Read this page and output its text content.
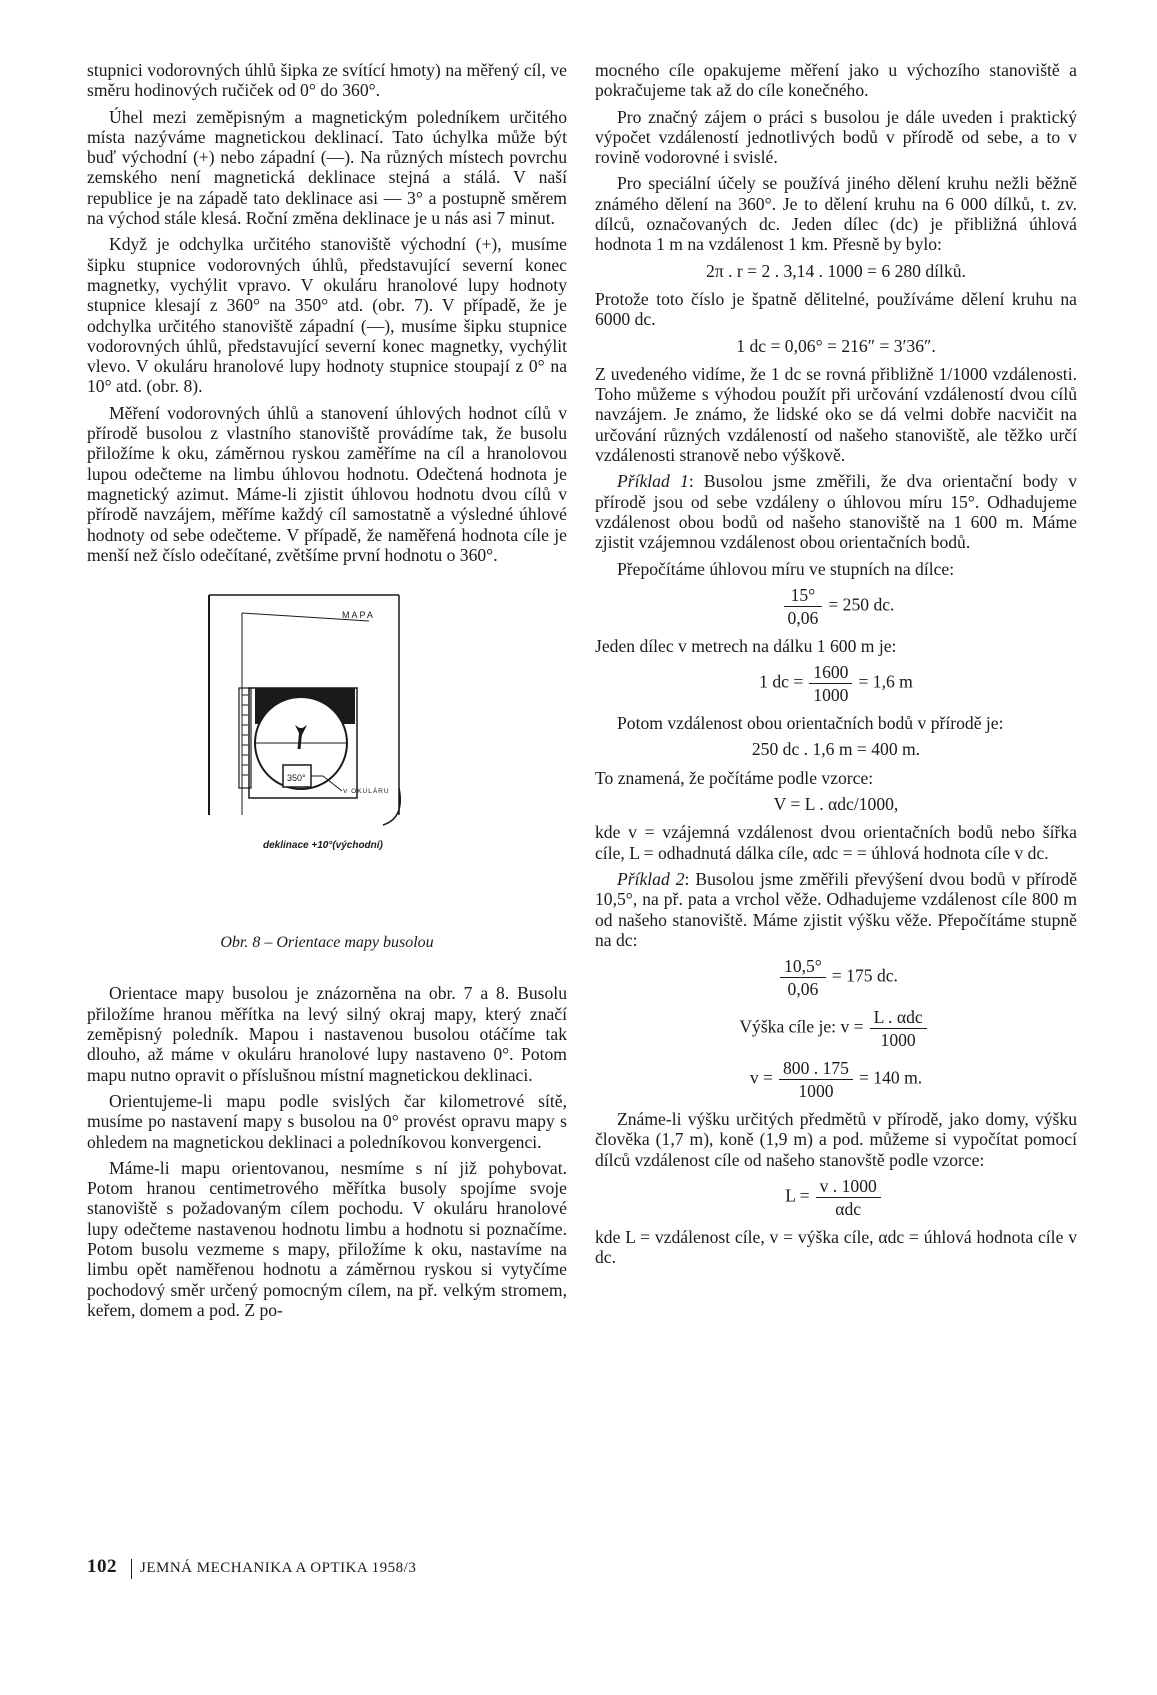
stupnici vodorovných úhlů šipka ze svítící hmoty) na měřený cíl, ve směru hodinových ručiček od 0° do 360°.

Úhel mezi zeměpisným a magnetickým poledníkem určitého místa nazýváme magnetickou deklinací. Tato úchylka může být buď východní (+) nebo západní (—). Na různých místech povrchu zemského není magnetická deklinace stejná a stálá. V naší republice je na západě tato deklinace asi — 3° a postupně směrem na východ stále klesá. Roční změna deklinace je u nás asi 7 minut.

Když je odchylka určitého stanoviště východní (+), musíme šipku stupnice vodorovných úhlů, představující severní konec magnetky, vychýlit vpravo. V okuláru hranolové lupy hodnoty stupnice klesají z 360° na 350° atd. (obr. 7). V případě, že je odchylka určitého stanoviště západní (—), musíme šipku stupnice vodorovných úhlů, představující severní konec magnetky, vychýlit vlevo. V okuláru hranolové lupy hodnoty stupnice stoupají z 0° na 10° atd. (obr. 8).

Měření vodorovných úhlů a stanovení úhlových hodnot cílů v přírodě busolou z vlastního stanoviště provádíme tak, že busolu přiložíme k oku, záměrnou ryskou zaměříme na cíl a hranolovou lupou odečteme na limbu úhlovou hodnotu. Odečtená hodnota je magnetický azimut. Máme-li zjistit úhlovou hodnotu dvou cílů v přírodě navzájem, měříme každý cíl samostatně a výsledné úhlové hodnoty od sebe odečteme. V případě, že naměřená hodnota cíle je menší než číslo odečítané, zvětšíme první hodnotu o 360°.

MAPA
350°
V OKULÁRU
deklinace +10°(východní)
Obr. 8 – Orientace mapy busolou

Orientace mapy busolou je znázorněna na obr. 7 a 8. Busolu přiložíme hranou měřítka na levý silný okraj mapy, který značí zeměpisný poledník. Mapou i nastavenou busolou otáčíme tak dlouho, až máme v okuláru hranolové lupy nastaveno 0°. Potom mapu nutno opravit o příslušnou místní magnetickou deklinaci.

Orientujeme-li mapu podle svislých čar kilometrové sítě, musíme po nastavení mapy s busolou na 0° provést opravu mapy s ohledem na magnetickou deklinaci a poledníkovou konvergenci.

Máme-li mapu orientovanou, nesmíme s ní již pohybovat. Potom hranou centimetrového měřítka busoly spojíme svoje stanoviště s požadovaným cílem pochodu. V okuláru hranolové lupy odečteme nastavenou hodnotu limbu a hodnotu si poznačíme. Potom busolu vezmeme s mapy, přiložíme k oku, nastavíme na limbu opět naměřenou hodnotu a záměrnou ryskou si vytyčíme pochodový směr určený pomocným cílem, na př. velkým stromem, keřem, domem a pod. Z po-

mocného cíle opakujeme měření jako u výchozího stanoviště a pokračujeme tak až do cíle konečného.

Pro značný zájem o práci s busolou je dále uveden i praktický výpočet vzdáleností jednotlivých bodů v přírodě od sebe, a to v rovině vodorovné i svislé.

Pro speciální účely se používá jiného dělení kruhu nežli běžně známého dělení na 360°. Je to dělení kruhu na 6 000 dílků, t. zv. dílců, označovaných dc. Jeden dílec (dc) je přibližná úhlová hodnota 1 m na vzdálenost 1 km. Přesně by bylo:

2π . r = 2 . 3,14 . 1000 = 6 280 dílků.

Protože toto číslo je špatně dělitelné, používáme dělení kruhu na 6000 dc.

1 dc = 0,06° = 216″ = 3′36″.

Z uvedeného vidíme, že 1 dc se rovná přibližně 1/1000 vzdálenosti. Toho můžeme s výhodou použít při určování vzdáleností dvou cílů navzájem. Je známo, že lidské oko se dá velmi dobře nacvičit na určování různých vzdáleností od našeho stanoviště, ale těžko určí vzdálenosti stranově nebo výškově.

Příklad 1: Busolou jsme změřili, že dva orientační body v přírodě jsou od sebe vzdáleny o úhlovou míru 15°. Odhadujeme vzdálenost obou bodů od našeho stanoviště na 1 600 m. Máme zjistit vzájemnou vzdálenost obou orientačních bodů.

Přepočítáme úhlovou míru ve stupních na dílce:

$\frac{15^\circ}{0,06} = 250$ dc.

Jeden dílec v metrech na dálku 1 600 m je:

1 dc = $\frac{1600}{1000} = 1,6$ m

Potom vzdálenost obou orientačních bodů v přírodě je:

250 dc . 1,6 m = 400 m.

To znamená, že počítáme podle vzorce:

V = L . αdc/1000,

kde v = vzájemná vzdálenost dvou orientačních bodů nebo šířka cíle, L = odhadnutá dálka cíle, αdc = = úhlová hodnota cíle v dc.

Příklad 2: Busolou jsme změřili převýšení dvou bodů v přírodě 10,5°, na př. pata a vrchol věže. Odhadujeme vzdálenost cíle 800 m od našeho stanoviště. Máme zjistit výšku věže. Přepočítáme stupně na dc:

$\frac{10,5^\circ}{0,06} = 175$ dc.
Výška cíle je: $v = \frac{\text{L . αdc}}{1000}$
$v = \frac{800 . 175}{1000} = 140$ m.

Známe-li výšku určitých předmětů v přírodě, jako domy, výšku člověka (1,7 m), koně (1,9 m) a pod. můžeme si vypočítat pomocí dílců vzdálenost cíle od našeho stanovště podle vzorce:

$L = \frac{v . 1000}{\text{αdc}}$

kde L = vzdálenost cíle, v = výška cíle, αdc = úhlová hodnota cíle v dc.

102 JEMNÁ MECHANIKA A OPTIKA 1958/3
